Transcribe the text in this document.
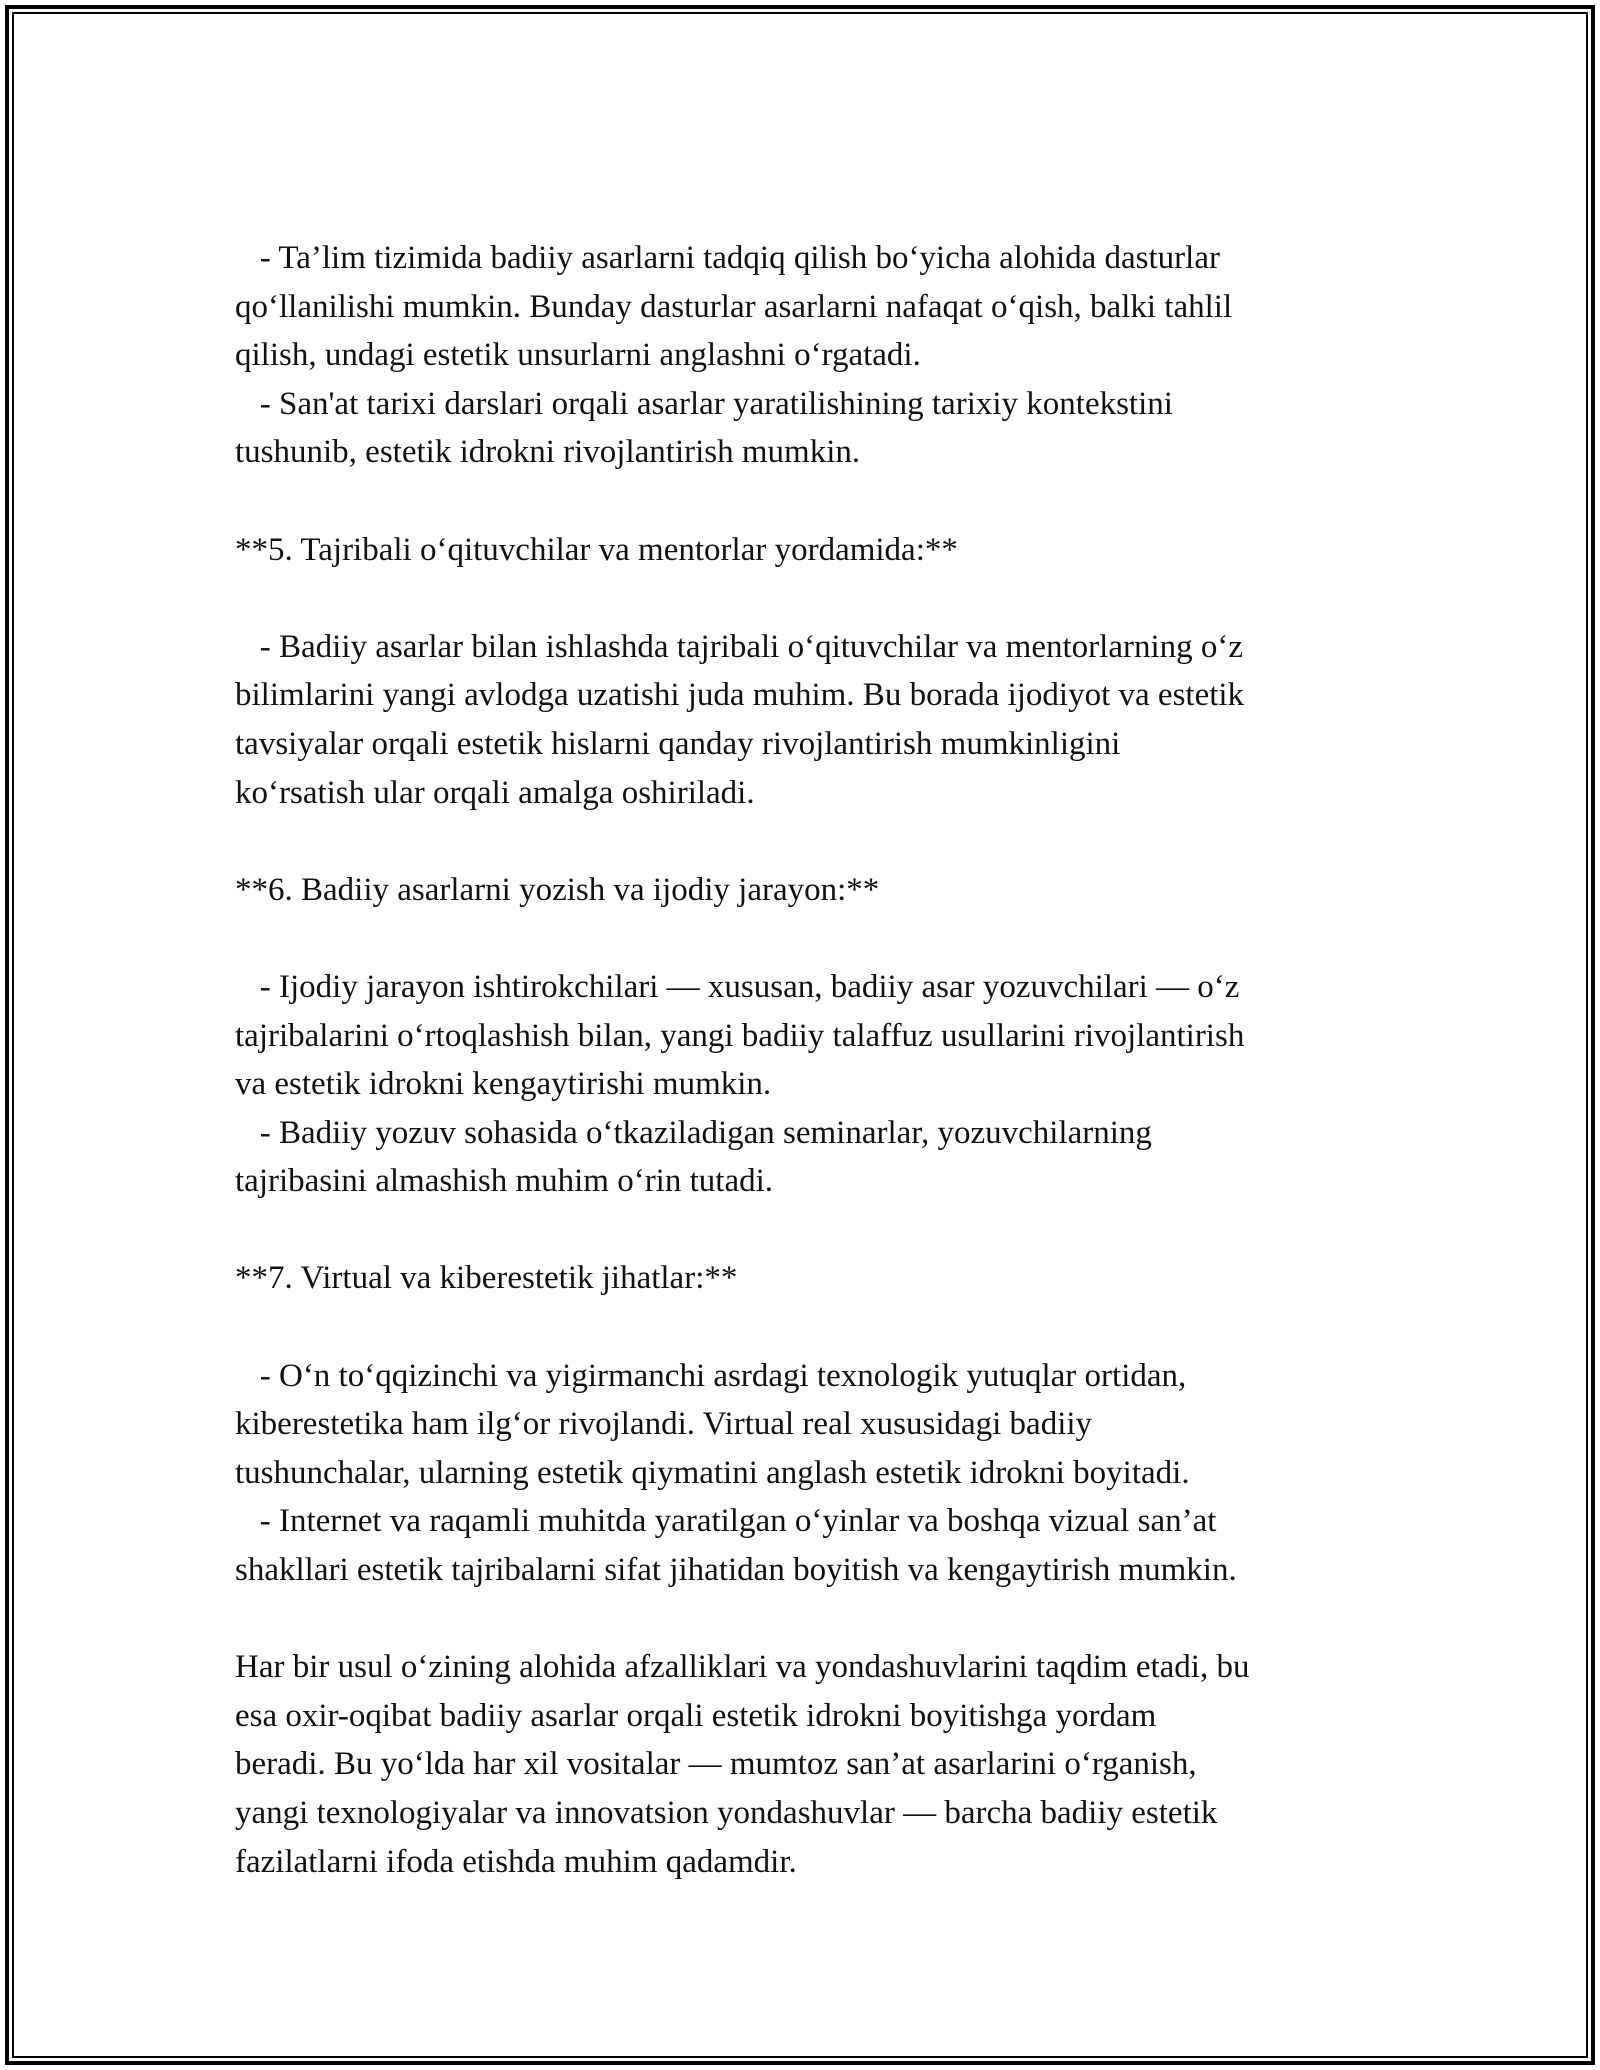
- Ta’lim tizimida badiiy asarlarni tadqiq qilish bo‘yicha alohida dasturlar

qo‘llanilishi mumkin. Bunday dasturlar asarlarni nafaqat o‘qish, balki tahlil

qilish, undagi estetik unsurlarni anglashni o‘rgatadi.

- San'at tarixi darslari orqali asarlar yaratilishining tarixiy kontekstini

tushunib, estetik idrokni rivojlantirish mumkin.

**5. Tajribali o‘qituvchilar va mentorlar yordamida:**

- Badiiy asarlar bilan ishlashda tajribali o‘qituvchilar va mentorlarning o‘z

bilimlarini yangi avlodga uzatishi juda muhim. Bu borada ijodiyot va estetik

tavsiyalar orqali estetik hislarni qanday rivojlantirish mumkinligini

ko‘rsatish ular orqali amalga oshiriladi.

**6. Badiiy asarlarni yozish va ijodiy jarayon:**

- Ijodiy jarayon ishtirokchilari — xususan, badiiy asar yozuvchilari — o‘z

tajribalarini o‘rtoqlashish bilan, yangi badiiy talaffuz usullarini rivojlantirish

va estetik idrokni kengaytirishi mumkin.

- Badiiy yozuv sohasida o‘tkaziladigan seminarlar, yozuvchilarning

tajribasini almashish muhim o‘rin tutadi.

**7. Virtual va kiberestetik jihatlar:**

- O‘n to‘qqizinchi va yigirmanchi asrdagi texnologik yutuqlar ortidan,

kiberestetika ham ilg‘or rivojlandi. Virtual real xususidagi badiiy

tushunchalar, ularning estetik qiymatini anglash estetik idrokni boyitadi.

- Internet va raqamli muhitda yaratilgan o‘yinlar va boshqa vizual san’at

shakllari estetik tajribalarni sifat jihatidan boyitish va kengaytirish mumkin.

Har bir usul o‘zining alohida afzalliklari va yondashuvlarini taqdim etadi, bu

esa oxir-oqibat badiiy asarlar orqali estetik idrokni boyitishga yordam

beradi. Bu yo‘lda har xil vositalar — mumtoz san’at asarlarini o‘rganish,

yangi texnologiyalar va innovatsion yondashuvlar — barcha badiiy estetik

fazilatlarni ifoda etishda muhim qadamdir.
